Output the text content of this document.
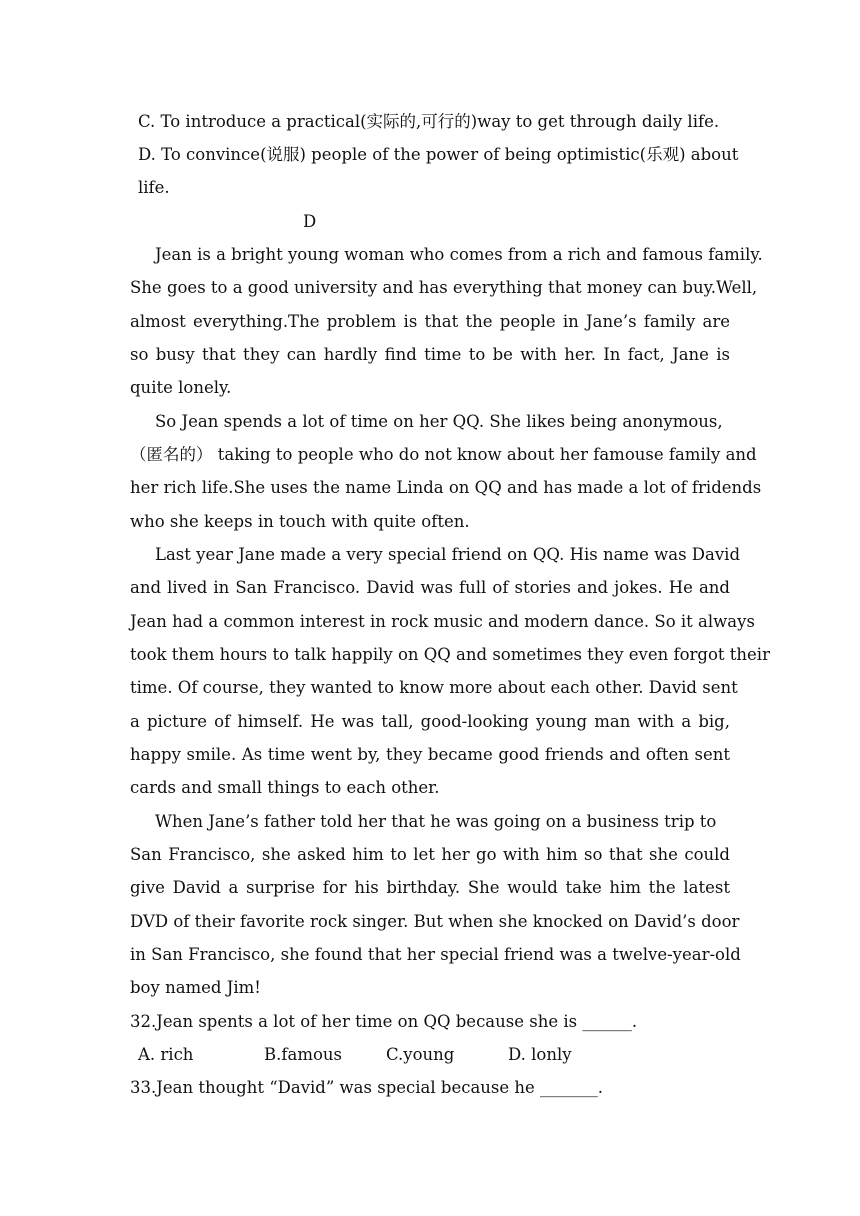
C. To introduce a practical(实际的,可行的)way to get through daily life.
D. To convince(说服) people of the power of being optimistic(乐观) about
life.
D
Jean is a bright young woman who comes from a rich and famous family.
She goes to a good university and has everything that money can buy.Well,
almost everything.The problem is that the people in Jane’s family are
so busy that they can hardly find time to be with her. In fact, Jane is
quite lonely.
So Jean spends a lot of time on her QQ. She likes being anonymous,
（匿名的） taking to people who do not know about her famouse family and
her rich life.She uses the name Linda on QQ and has made a lot of fridends
who she keeps in touch with quite often.
Last year Jane made a very special friend on QQ. His name was David
and lived in San Francisco. David was full of stories and jokes. He and
Jean had a common interest in rock music and modern dance. So it always
took them hours to talk happily on QQ and sometimes they even forgot their
time. Of course, they wanted to know more about each other. David sent
a picture of himself. He was tall, good-looking young man with a big,
happy smile. As time went by, they became good friends and often sent
cards and small things to each other.
When Jane’s father told her that he was going on a business trip to
San Francisco, she asked him to let her go with him so that she could
give David a surprise for his birthday. She would take him the latest
DVD of their favorite rock singer. But when she knocked on David’s door
in San Francisco, she found that her special friend was a twelve-year-old
boy named Jim!
32.Jean spents a lot of her time on QQ because she is ______.
A. rich	B.famous	C.young	D. lonly
33.Jean thought “David” was special because he _______.
